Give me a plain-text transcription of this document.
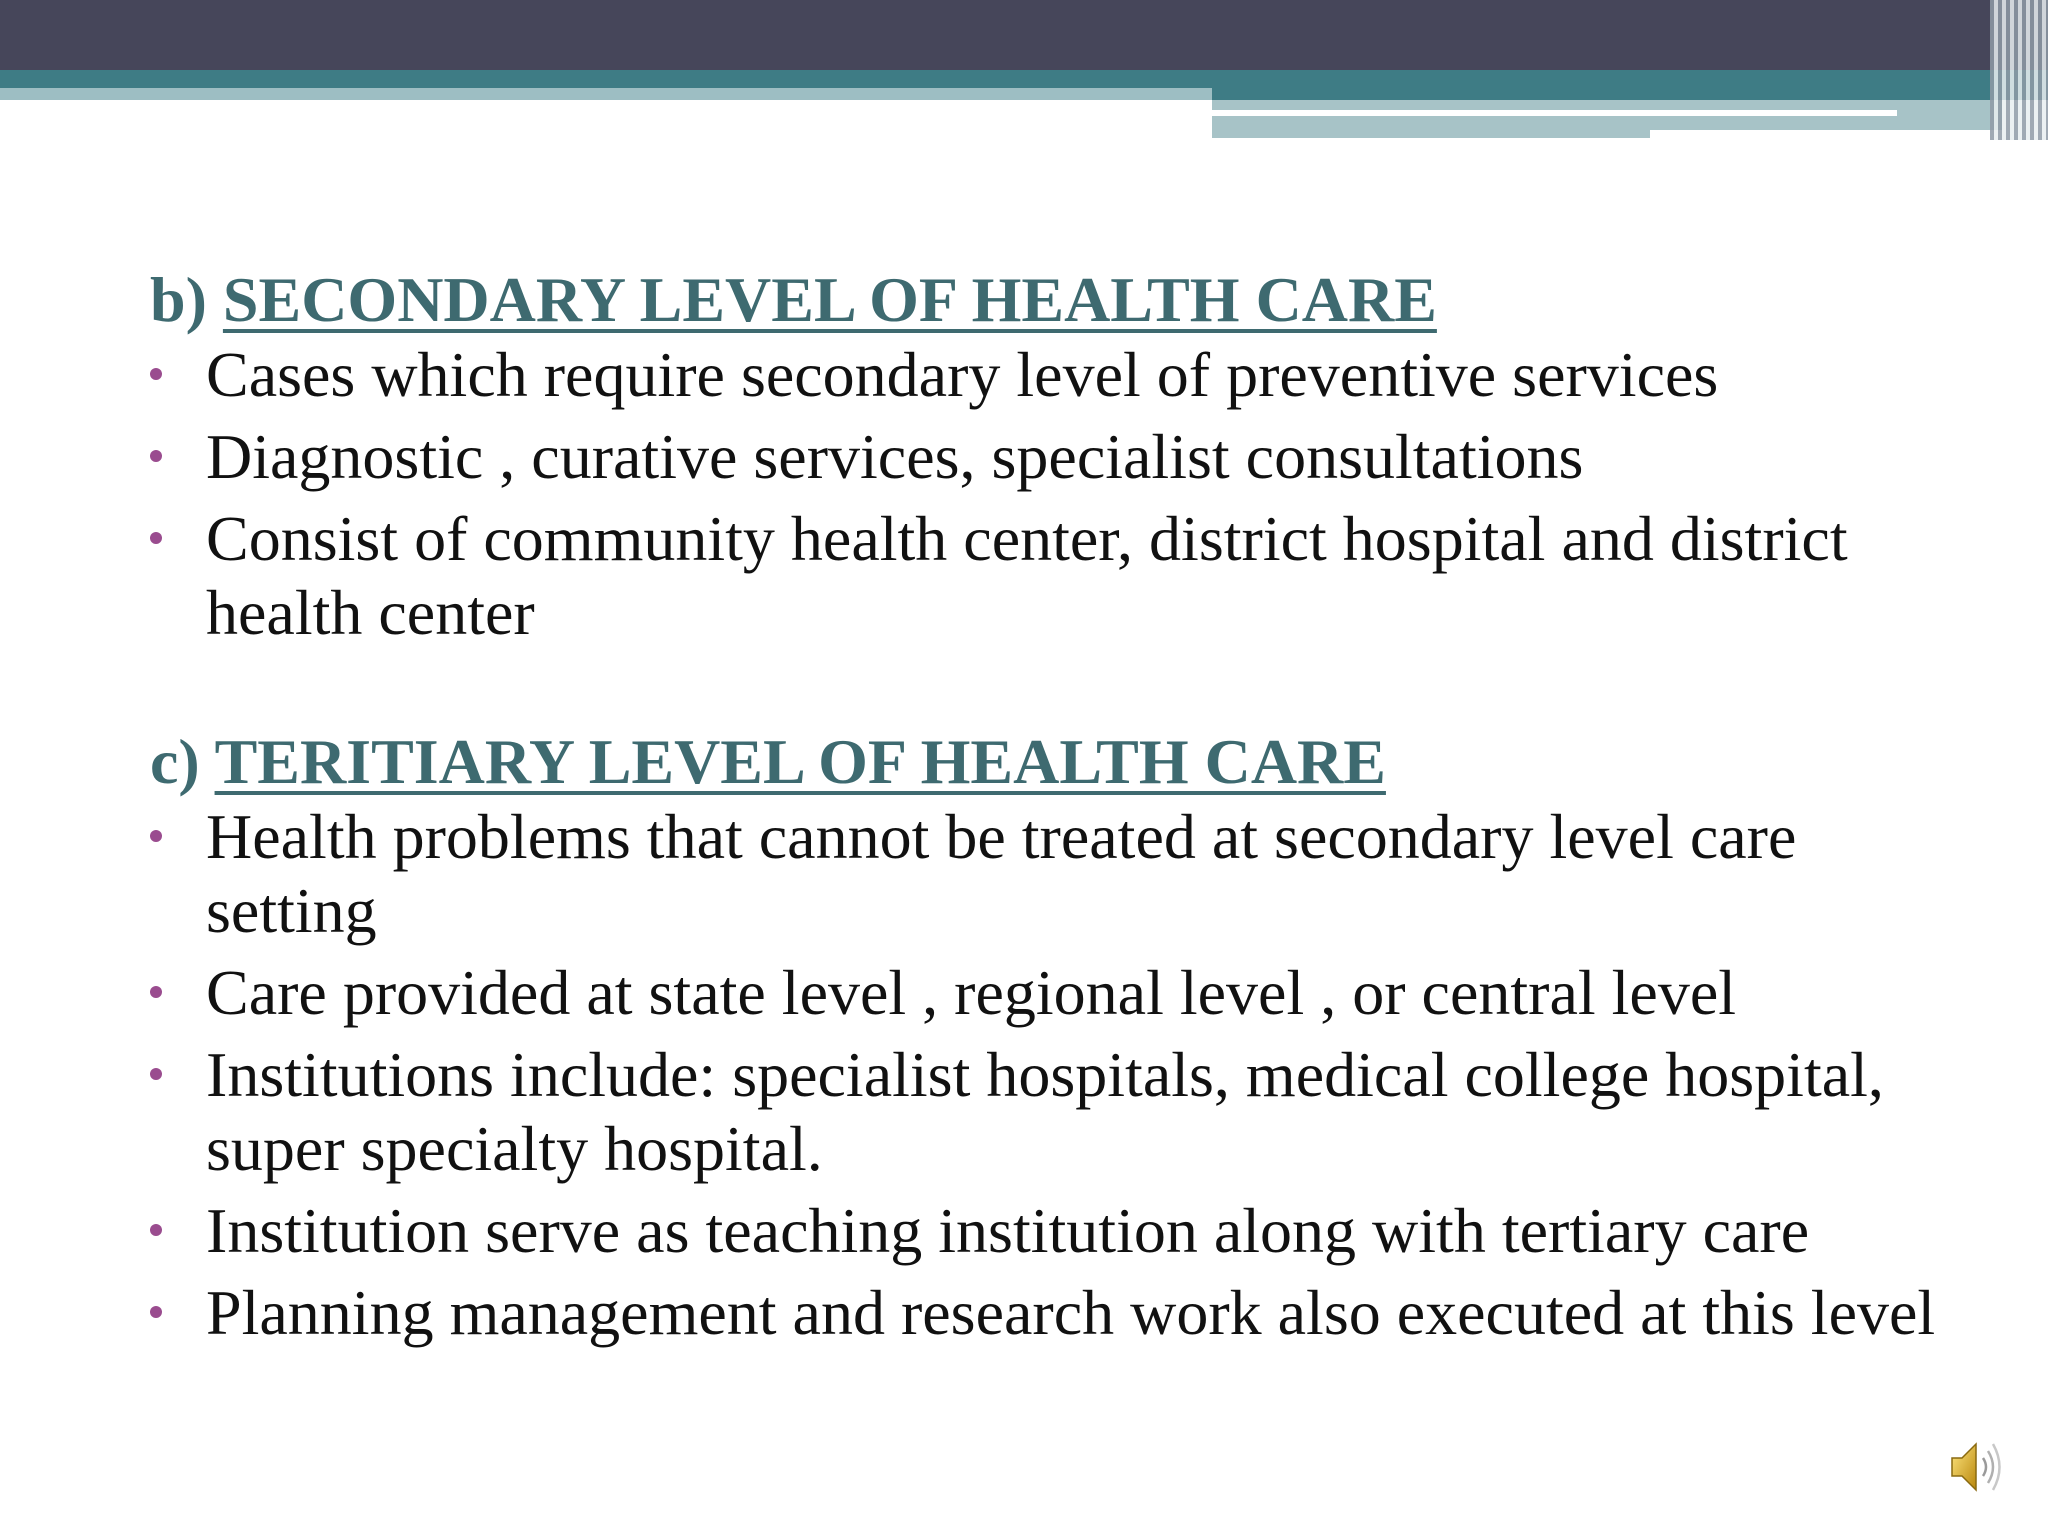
b) SECONDARY LEVEL OF HEALTH CARE
Cases which require secondary level of preventive services
Diagnostic , curative services, specialist consultations
Consist of community health center, district hospital and district health center
c) TERITIARY LEVEL OF HEALTH CARE
Health problems that cannot be treated at secondary level care setting
Care provided at state level , regional level , or central level
Institutions include: specialist hospitals, medical college hospital, super specialty hospital.
Institution serve as teaching institution along with tertiary care
Planning management and research work also executed at this level
